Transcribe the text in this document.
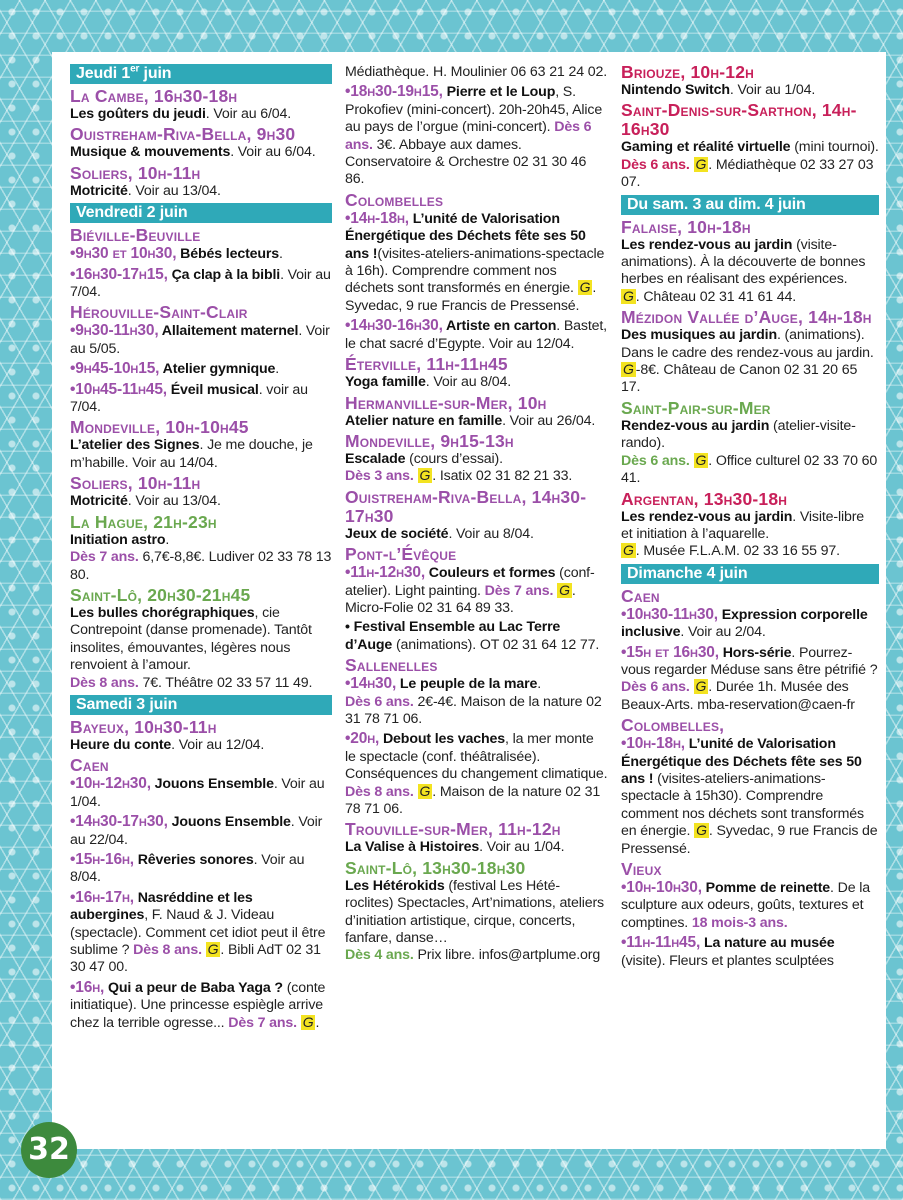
Jeudi 1er juin
La Cambe, 16h30-18h
Les goûters du jeudi. Voir au 6/04.
Ouistreham-Riva-Bella, 9h30
Musique & mouvements. Voir au 6/04.
Soliers, 10h-11h
Motricité. Voir au 13/04.
Vendredi 2 juin
Biéville-Beuville
•9h30 et 10h30, Bébés lecteurs.
•16h30-17h15, Ça clap à la bibli. Voir au 7/04.
Hérouville-Saint-Clair
•9h30-11h30, Allaitement maternel. Voir au 5/05.
•9h45-10h15, Atelier gymnique.
•10h45-11h45, Éveil musical. voir au 7/04.
Mondeville, 10h-10h45
L’atelier des Signes. Je me douche, je m’habille. Voir au 14/04.
Soliers, 10h-11h
Motricité. Voir au 13/04.
La Hague, 21h-23h
Initiation astro.
Dès 7 ans. 6,7€-8,8€. Ludiver 02 33 78 13 80.
Saint-Lô, 20h30-21h45
Les bulles chorégraphiques, cie Contrepoint (danse promenade). Tantôt insolites, émouvantes, légères nous renvoient à l’amour.
Dès 8 ans. 7€. Théâtre 02 33 57 11 49.
Samedi 3 juin
Bayeux, 10h30-11h
Heure du conte. Voir au 12/04.
Caen
•10h-12h30, Jouons Ensemble. Voir au 1/04.
•14h30-17h30, Jouons Ensemble. Voir au 22/04.
•15h-16h, Rêveries sonores. Voir au 8/04.
•16h-17h, Nasréddine et les aubergines, F. Naud & J. Videau (spectacle). Comment cet idiot peut il être sublime ? Dès 8 ans. G . Bibli AdT 02 31 30 47 00.
•16h, Qui a peur de Baba Yaga ? (conte initiatique). Une princesse espiègle arrive chez la terrible ogresse... Dès 7 ans. G .
Médiathèque. H. Moulinier 06 63 21 24 02.
•18h30-19h15, Pierre et le Loup, S. Prokofiev (mini-concert). 20h-20h45, Alice au pays de l’orgue (mini-concert). Dès 6 ans. 3€. Abbaye aux dames. Conservatoire & Orchestre 02 31 30 46 86.
Colombelles
•14h-18h, L’unité de Valorisation Énergétique des Déchets fête ses 50 ans !(visites-ateliers-animations-spectacle à 16h). Comprendre comment nos déchets sont transformés en énergie. G . Syvedac, 9 rue Francis de Pressensé.
•14h30-16h30, Artiste en carton. Bastet, le chat sacré d’Egypte. Voir au 12/04.
Éterville, 11h-11h45
Yoga famille. Voir au 8/04.
Hermanville-sur-Mer, 10h
Atelier nature en famille. Voir au 26/04.
Mondeville, 9h15-13h
Escalade (cours d’essai).
Dès 3 ans. G . Isatix 02 31 82 21 33.
Ouistreham-Riva-Bella, 14h30-17h30
Jeux de société. Voir au 8/04.
Pont-l’Évêque
•11h-12h30, Couleurs et formes (conf-atelier). Light painting. Dès 7 ans. G . Micro-Folie 02 31 64 89 33.
• Festival Ensemble au Lac Terre d’Auge (animations). OT 02 31 64 12 77.
Sallenelles
•14h30, Le peuple de la mare.
Dès 6 ans. 2€-4€. Maison de la nature 02 31 78 71 06.
•20h, Debout les vaches, la mer monte le spectacle (conf. théâtralisée). Conséquences du changement climatique. Dès 8 ans. G . Maison de la nature 02 31 78 71 06.
Trouville-sur-Mer, 11h-12h
La Valise à Histoires. Voir au 1/04.
Saint-Lô, 13h30-18h30
Les Hétérokids (festival Les Hété-roclites) Spectacles, Art’nimations, ateliers d’initiation artistique, cirque, concerts, fanfare, danse…
Dès 4 ans. Prix libre. infos@artplume.org
Briouze, 10h-12h
Nintendo Switch. Voir au 1/04.
Saint-Denis-sur-Sarthon, 14h-16h30
Gaming et réalité virtuelle (mini tournoi).
Dès 6 ans. G . Médiathèque 02 33 27 03 07.
Du sam. 3 au dim. 4 juin
Falaise, 10h-18h
Les rendez-vous au jardin (visite-animations). À la découverte de bonnes herbes en réalisant des expériences.
G . Château 02 31 41 61 44.
Mézidon Vallée d’Auge, 14h-18h
Des musiques au jardin. (animations). Dans le cadre des rendez-vous au jardin.
G -8€. Château de Canon 02 31 20 65 17.
Saint-Pair-sur-Mer
Rendez-vous au jardin (atelier-visite-rando).
Dès 6 ans. G . Office culturel 02 33 70 60 41.
Argentan, 13h30-18h
Les rendez-vous au jardin. Visite-libre et initiation à l’aquarelle.
G . Musée F.L.A.M. 02 33 16 55 97.
Dimanche 4 juin
Caen
•10h30-11h30, Expression corporelle inclusive. Voir au 2/04.
•15h et 16h30, Hors-série. Pourrez-vous regarder Méduse sans être pétrifié ? Dès 6 ans. G . Durée 1h. Musée des Beaux-Arts. mba-reservation@caen-fr
Colombelles,
•10h-18h, L’unité de Valorisation Énergétique des Déchets fête ses 50 ans ! (visites-ateliers-animations-spectacle à 15h30). Comprendre comment nos déchets sont transformés en énergie. G . Syvedac, 9 rue Francis de Pressensé.
Vieux
•10h-10h30, Pomme de reinette. De la sculpture aux odeurs, goûts, textures et comptines. 18 mois-3 ans.
•11h-11h45, La nature au musée (visite). Fleurs et plantes sculptées
32
